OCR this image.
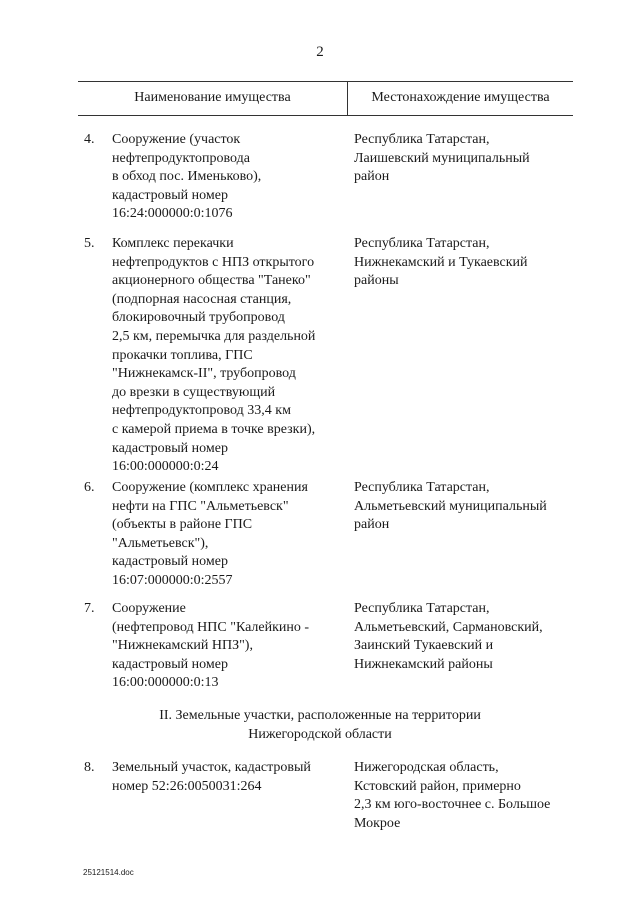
2
Наименование имущества	Местонахождение имущества
4. Сооружение (участок
нефтепродуктопровода
в обход пос. Именьково),
кадастровый номер
16:24:000000:0:1076
Республика Татарстан,
Лаишевский муниципальный
район
5. Комплекс перекачки
нефтепродуктов с НПЗ открытого
акционерного общества "Танеко"
(подпорная насосная станция,
блокировочный трубопровод
2,5 км, перемычка для раздельной
прокачки топлива, ГПС
"Нижнекамск-II", трубопровод
до врезки в существующий
нефтепродуктопровод 33,4 км
с камерой приема в точке врезки),
кадастровый номер
16:00:000000:0:24
Республика Татарстан,
Нижнекамский и Тукаевский
районы
6. Сооружение (комплекс хранения
нефти на ГПС "Альметьевск"
(объекты в районе ГПС
"Альметьевск"),
кадастровый номер
16:07:000000:0:2557
Республика Татарстан,
Альметьевский муниципальный
район
7. Сооружение
(нефтепровод НПС "Калейкино -
"Нижнекамский НПЗ"),
кадастровый номер
16:00:000000:0:13
Республика Татарстан,
Альметьевский, Сармановский,
Заинский Тукаевский и
Нижнекамский районы
II. Земельные участки, расположенные на территории
Нижегородской области
8. Земельный участок, кадастровый
номер 52:26:0050031:264
Нижегородская область,
Кстовский район, примерно
2,3 км юго-восточнее с. Большое
Мокрое
25121514.doc
